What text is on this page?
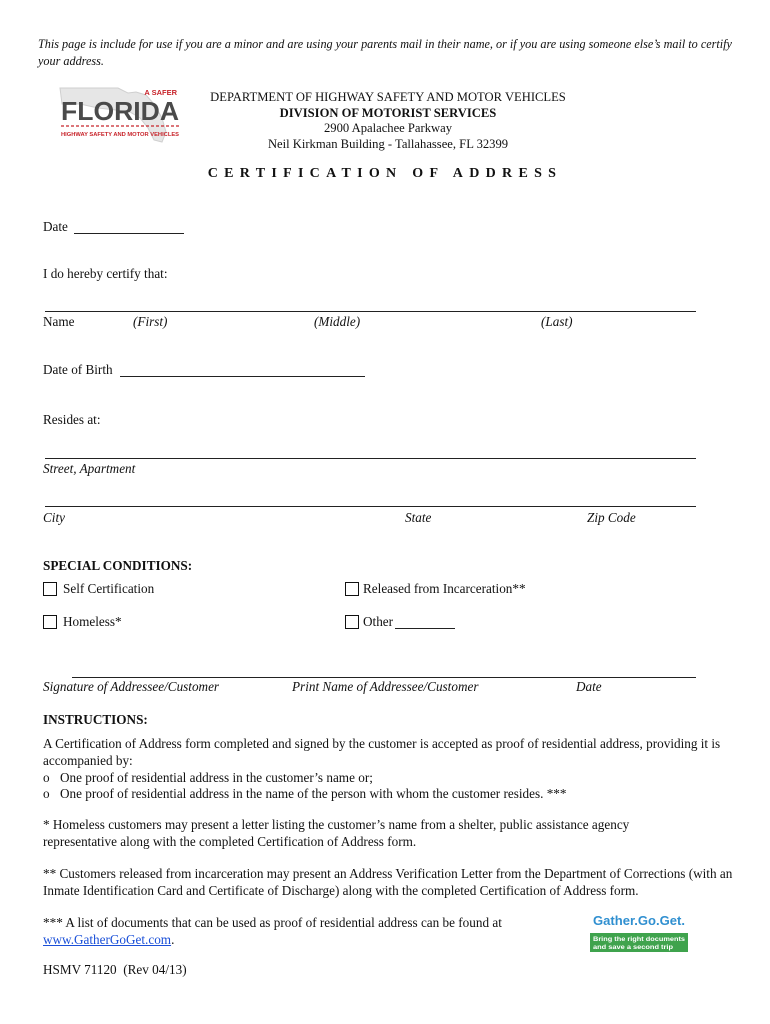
This page is include for use if you are a minor and are using your parents mail in their name, or if you are using someone else’s mail to certify your address.
A SAFER
FLORIDA
HIGHWAY SAFETY AND MOTOR VEHICLES
DEPARTMENT OF HIGHWAY SAFETY AND MOTOR VEHICLES
DIVISION OF MOTORIST SERVICES
2900 Apalachee Parkway
Neil Kirkman Building - Tallahassee, FL 32399
CERTIFICATION OF ADDRESS
Date
I do hereby certify that:
Name	(First)	(Middle)	(Last)
Date of Birth
Resides at:
Street, Apartment
City	State	Zip Code
SPECIAL CONDITIONS:
Self Certification	Released from Incarceration**
Homeless*	Other
Signature of Addressee/Customer	Print Name of Addressee/Customer	Date
INSTRUCTIONS:
A Certification of Address form completed and signed by the customer is accepted as proof of residential address, providing it is accompanied by:
o One proof of residential address in the customer’s name or;
o One proof of residential address in the name of the person with whom the customer resides. ***
* Homeless customers may present a letter listing the customer’s name from a shelter, public assistance agency representative along with the completed Certification of Address form.
** Customers released from incarceration may present an Address Verification Letter from the Department of Corrections (with an Inmate Identification Card and Certificate of Discharge) along with the completed Certification of Address form.
*** A list of documents that can be used as proof of residential address can be found at www.GatherGoGet.com.
Gather.Go.Get.
Bring the right documents
and save a second trip
HSMV 71120  (Rev 04/13)
